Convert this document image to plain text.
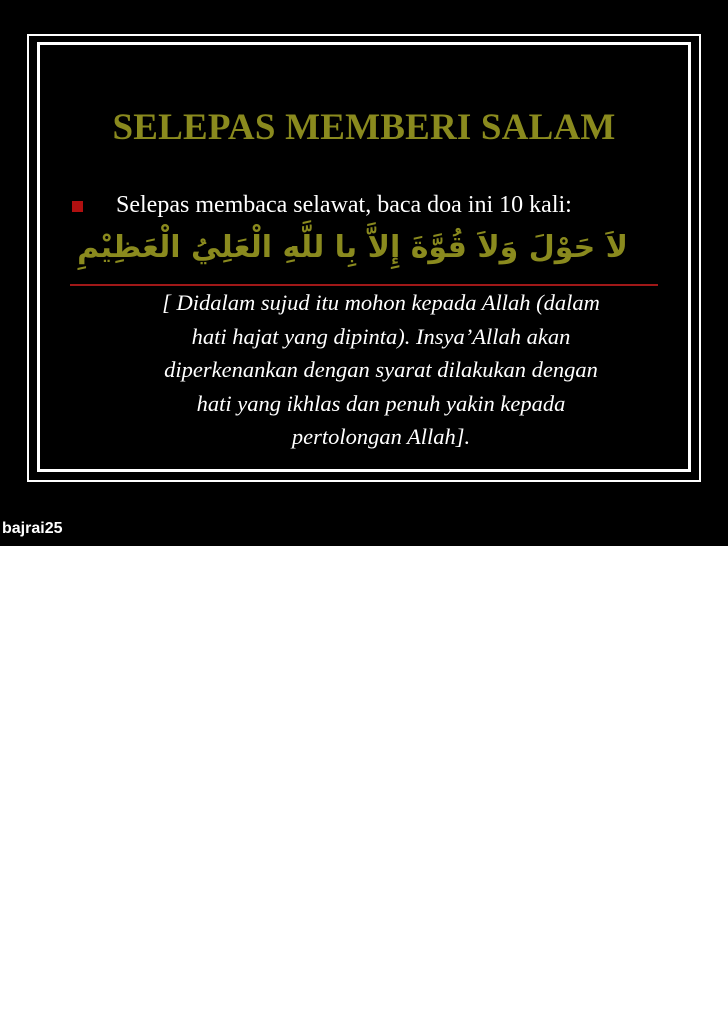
SELEPAS MEMBERI SALAM
Selepas membaca selawat, baca doa ini 10 kali:
لاَ حَوْلَ وَلاَ قُوَّةَ إِلاَّ بِا للَّهِ الْعَلِيُ الْعَظِيْمِ
[ Didalam sujud itu mohon kepada Allah (dalam
hati hajat yang dipinta). Insya’Allah akan
diperkenankan dengan syarat dilakukan dengan
hati yang ikhlas dan penuh yakin kepada
pertolongan Allah].
bajrai25
